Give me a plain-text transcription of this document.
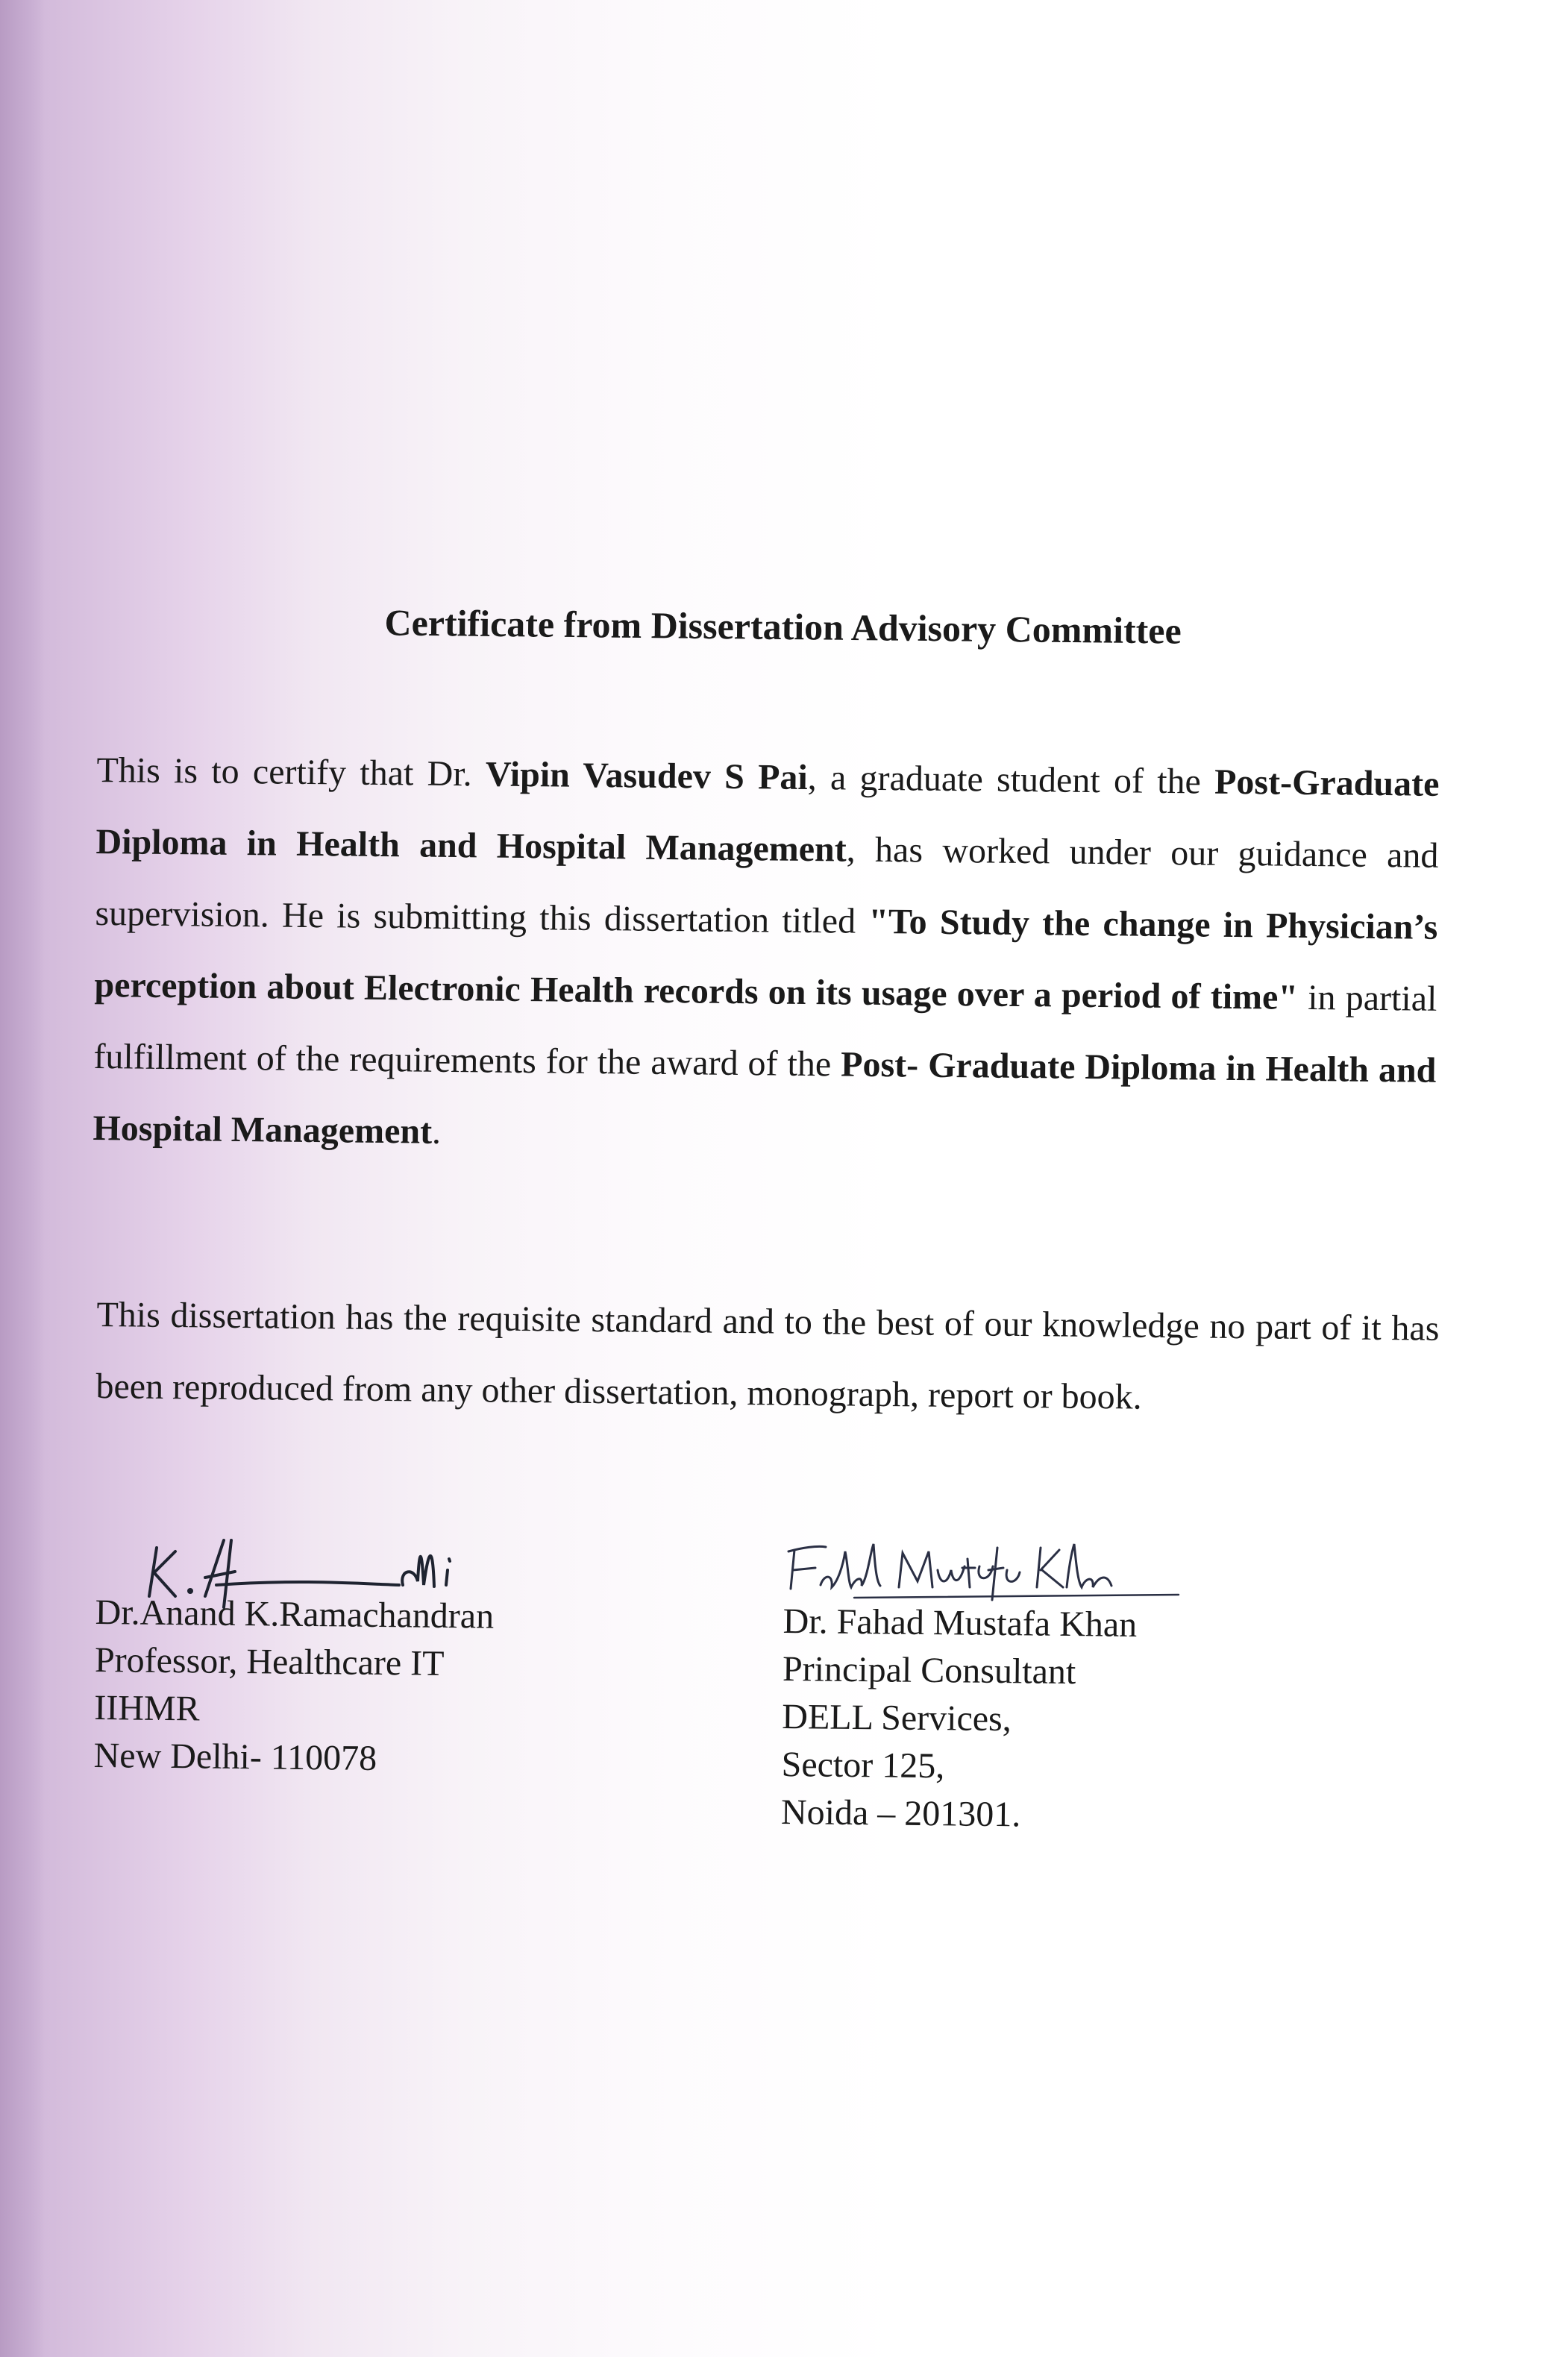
Certificate from Dissertation Advisory Committee
This is to certify that Dr. Vipin Vasudev S Pai, a graduate student of the Post-Graduate Diploma in Health and Hospital Management, has worked under our guidance and supervision. He is submitting this dissertation titled "To Study the change in Physician’s perception about Electronic Health records on its usage over a period of time" in partial fulfillment of the requirements for the award of the Post- Graduate Diploma in Health and Hospital Management.
This dissertation has the requisite standard and to the best of our knowledge no part of it has been reproduced from any other dissertation, monograph, report or book.
Dr.Anand K.Ramachandran
Professor, Healthcare IT
IIHMR
New Delhi- 110078
Dr. Fahad Mustafa Khan
Principal Consultant
DELL Services,
Sector 125,
Noida – 201301.
